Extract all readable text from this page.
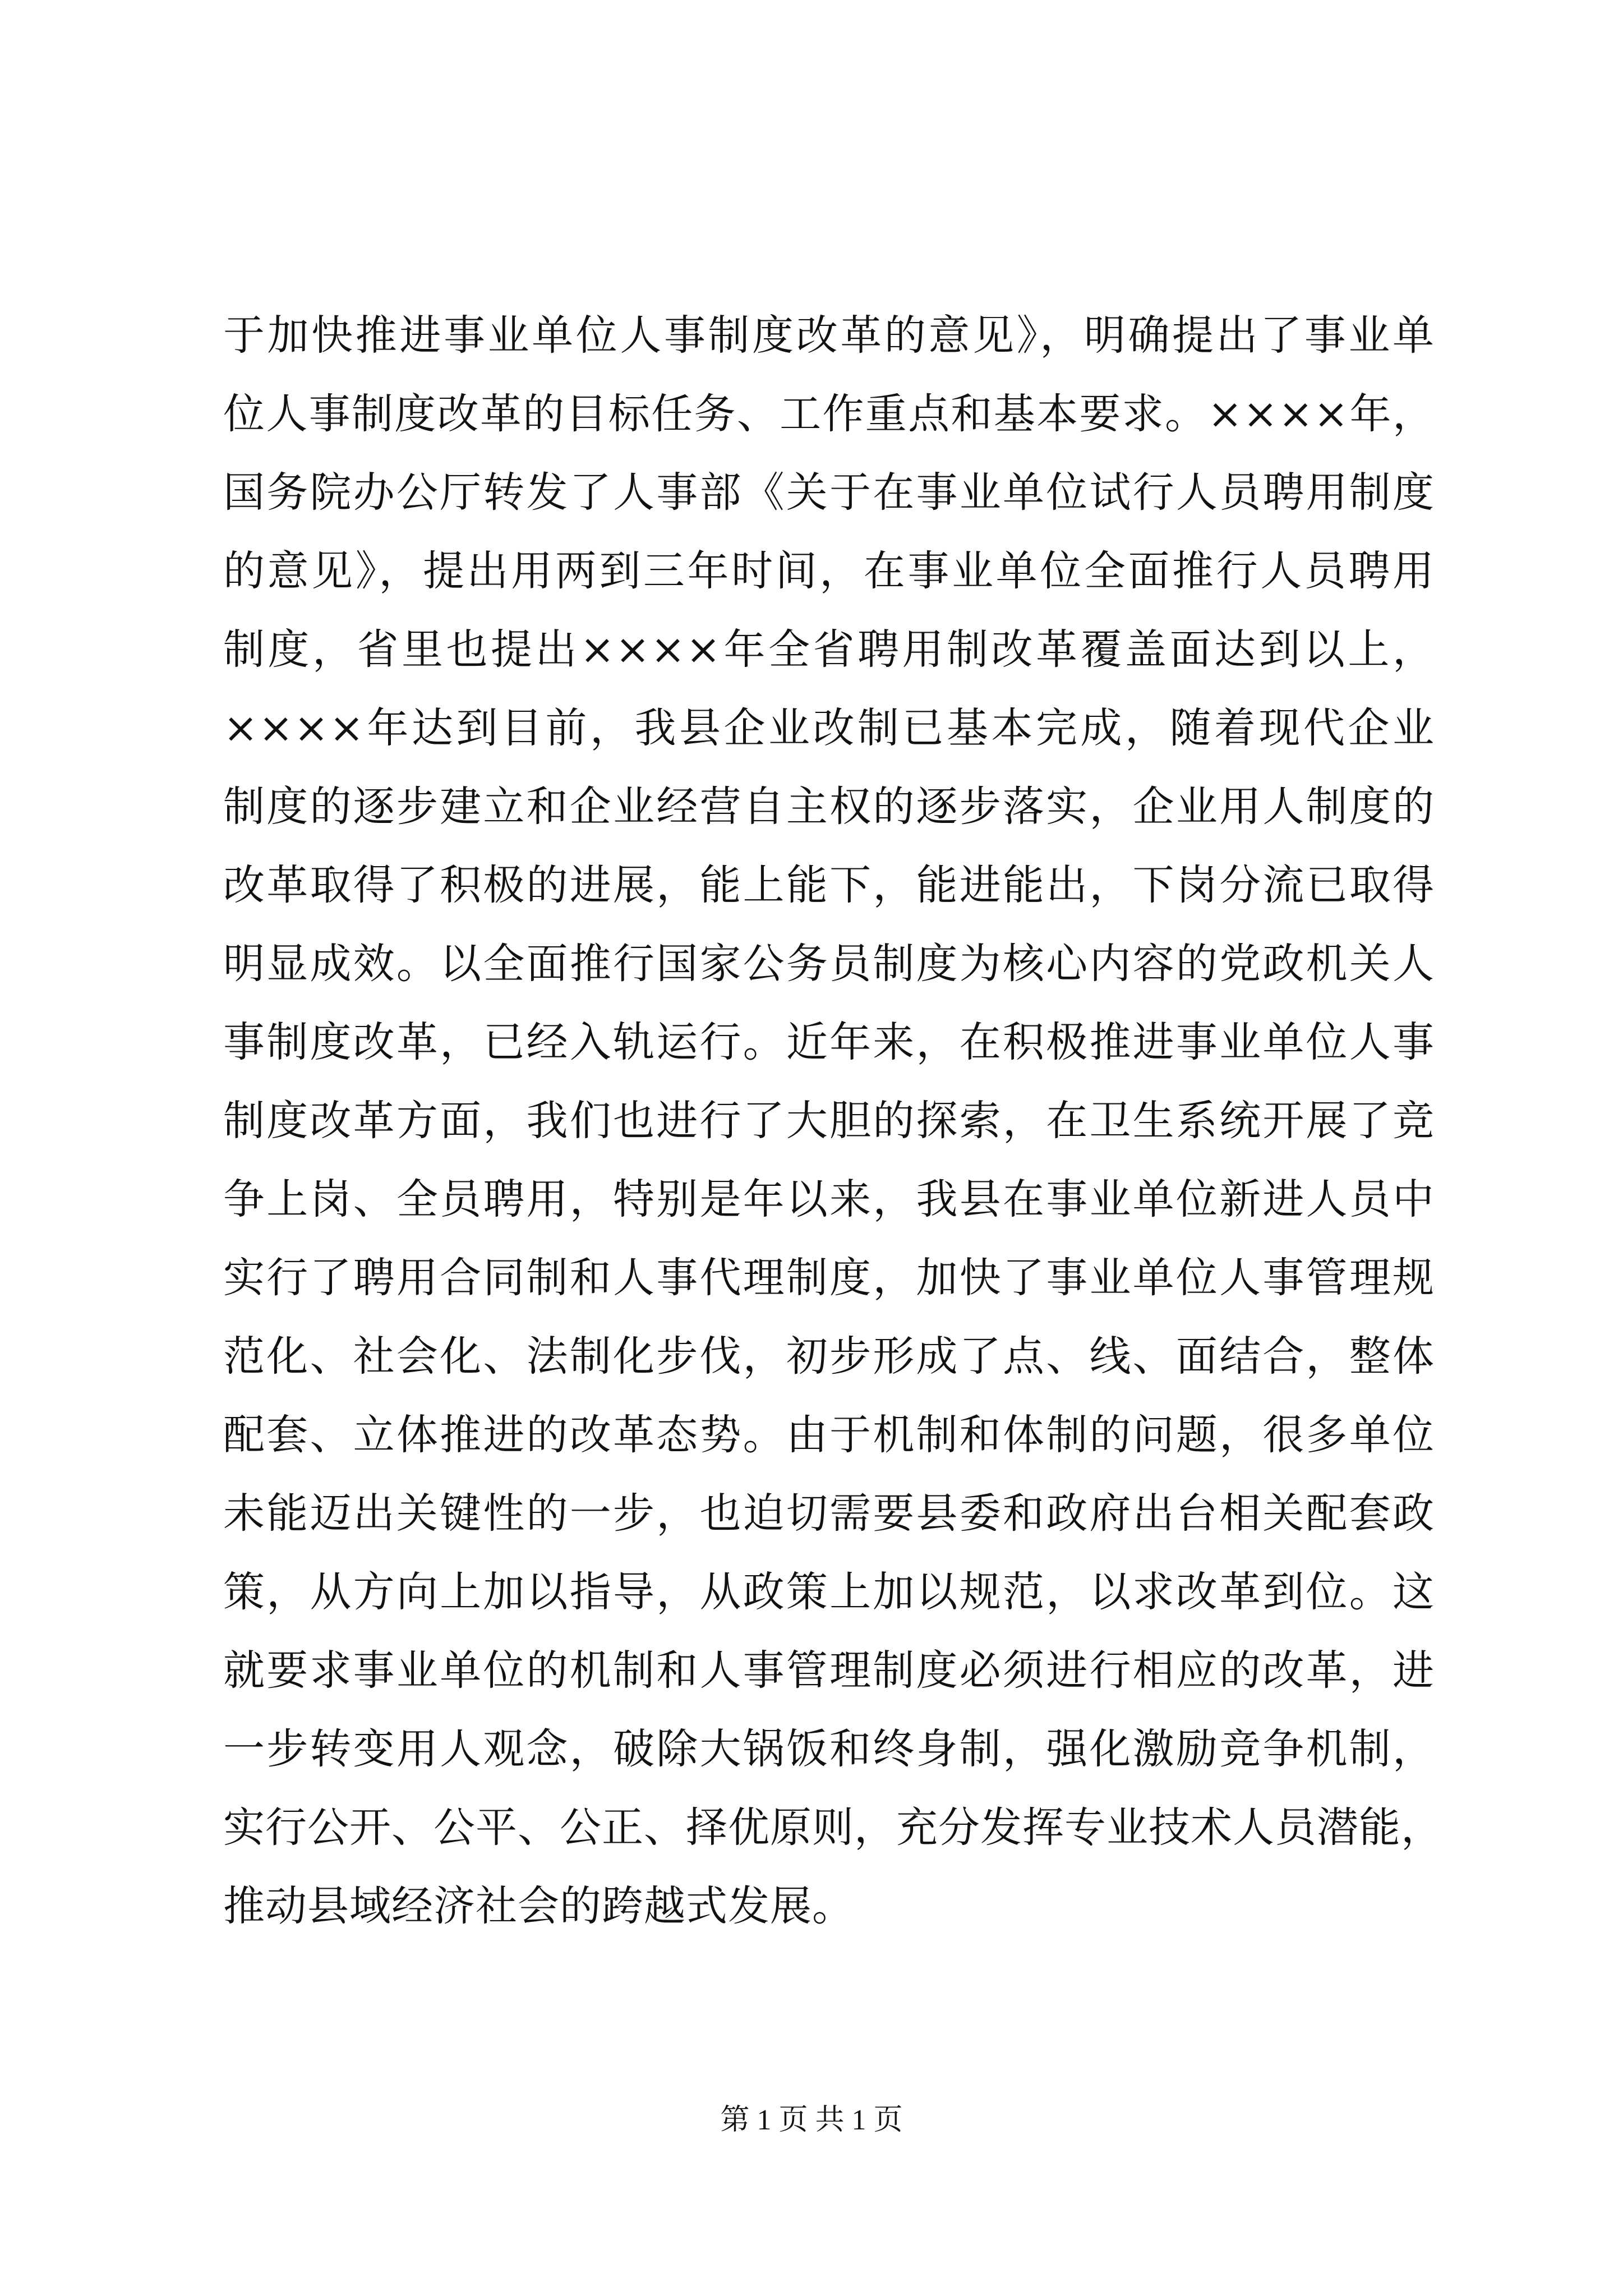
于加快推进事业单位人事制度改革的意见》，明确提出了事业单
位人事制度改革的目标任务、工作重点和基本要求。××××年，
国务院办公厅转发了人事部《关于在事业单位试行人员聘用制度
的意见》，提出用两到三年时间，在事业单位全面推行人员聘用
制度，省里也提出××××年全省聘用制改革覆盖面达到以上，
××××年达到目前，我县企业改制已基本完成，随着现代企业
制度的逐步建立和企业经营自主权的逐步落实，企业用人制度的
改革取得了积极的进展，能上能下，能进能出，下岗分流已取得
明显成效。以全面推行国家公务员制度为核心内容的党政机关人
事制度改革，已经入轨运行。近年来，在积极推进事业单位人事
制度改革方面，我们也进行了大胆的探索，在卫生系统开展了竞
争上岗、全员聘用，特别是年以来，我县在事业单位新进人员中
实行了聘用合同制和人事代理制度，加快了事业单位人事管理规
范化、社会化、法制化步伐，初步形成了点、线、面结合，整体
配套、立体推进的改革态势。由于机制和体制的问题，很多单位
未能迈出关键性的一步，也迫切需要县委和政府出台相关配套政
策，从方向上加以指导，从政策上加以规范，以求改革到位。这
就要求事业单位的机制和人事管理制度必须进行相应的改革，进
一步转变用人观念，破除大锅饭和终身制，强化激励竞争机制，
实行公开、公平、公正、择优原则，充分发挥专业技术人员潜能，
推动县域经济社会的跨越式发展。
第 1 页 共 1 页
